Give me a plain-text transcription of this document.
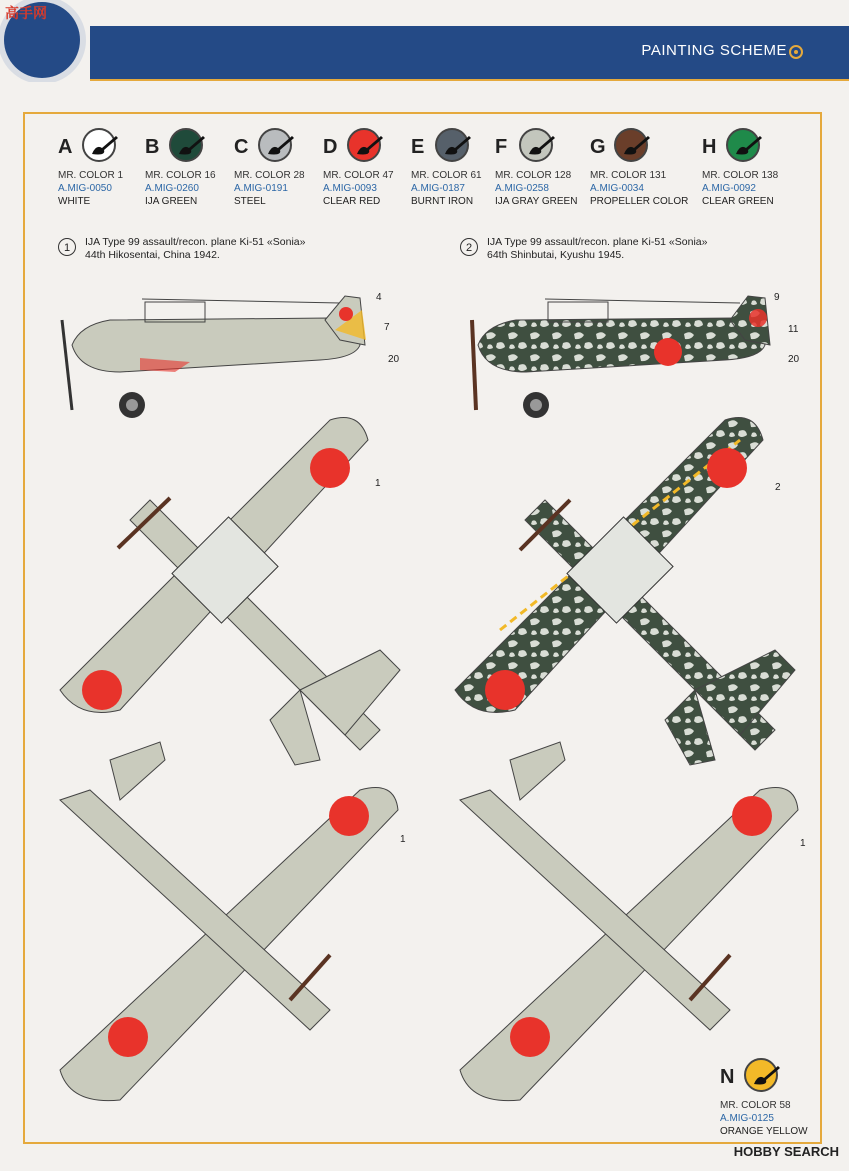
PAINTING SCHEME
高手网
A
MR. COLOR 1
A.MIG-0050
WHITE
B
MR. COLOR 16
A.MIG-0260
IJA GREEN
C
MR. COLOR 28
A.MIG-0191
STEEL
D
MR. COLOR 47
A.MIG-0093
CLEAR RED
E
MR. COLOR 61
A.MIG-0187
BURNT IRON
F
MR. COLOR 128
A.MIG-0258
IJA GRAY GREEN
G
MR. COLOR 131
A.MIG-0034
PROPELLER COLOR
H
MR. COLOR 138
A.MIG-0092
CLEAR GREEN
1	IJA Type 99 assault/recon. plane Ki-51 «Sonia»
44th Hikosentai, China 1942.
2	IJA Type 99 assault/recon. plane Ki-51 «Sonia»
64th Shinbutai, Kyushu 1945.
4
7
20
9
11
20
1	2
1	1
N
MR. COLOR 58
A.MIG-0125
ORANGE YELLOW
HOBBY SEARCH
